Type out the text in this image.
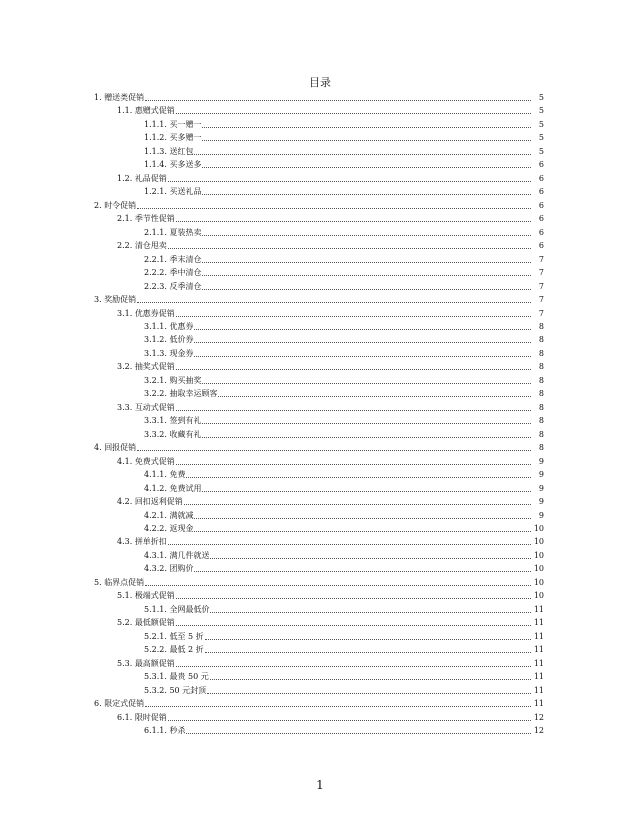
目录
1. 赠送类促销	5
1.1. 惠赠式促销	5
1.1.1. 买一赠一	5
1.1.2. 买多赠一	5
1.1.3. 送红包	5
1.1.4. 买多送多	6
1.2. 礼品促销	6
1.2.1. 买送礼品	6
2. 时令促销	6
2.1. 季节性促销	6
2.1.1. 夏装热卖	6
2.2. 清仓甩卖	6
2.2.1. 季末清仓	7
2.2.2. 季中清仓	7
2.2.3. 反季清仓	7
3. 奖励促销	7
3.1. 优惠券促销	7
3.1.1. 优惠券	8
3.1.2. 低价券	8
3.1.3. 现金券	8
3.2. 抽奖式促销	8
3.2.1. 购买抽奖	8
3.2.2. 抽取幸运顾客	8
3.3. 互动式促销	8
3.3.1. 签到有礼	8
3.3.2. 收藏有礼	8
4. 回报促销	8
4.1. 免费式促销	9
4.1.1. 免费	9
4.1.2. 免费试用	9
4.2. 回扣返利促销	9
4.2.1. 满就减	9
4.2.2. 返现金	10
4.3. 拼单折扣	10
4.3.1. 满几件就送	10
4.3.2. 团购价	10
5. 临界点促销	10
5.1. 极端式促销	10
5.1.1. 全网最低价	11
5.2. 最低额促销	11
5.2.1. 低至 5 折	11
5.2.2. 最低 2 折	11
5.3. 最高额促销	11
5.3.1. 最贵 50 元	11
5.3.2. 50 元封顶	11
6. 限定式促销	11
6.1. 限时促销	12
6.1.1. 秒杀	12
1
